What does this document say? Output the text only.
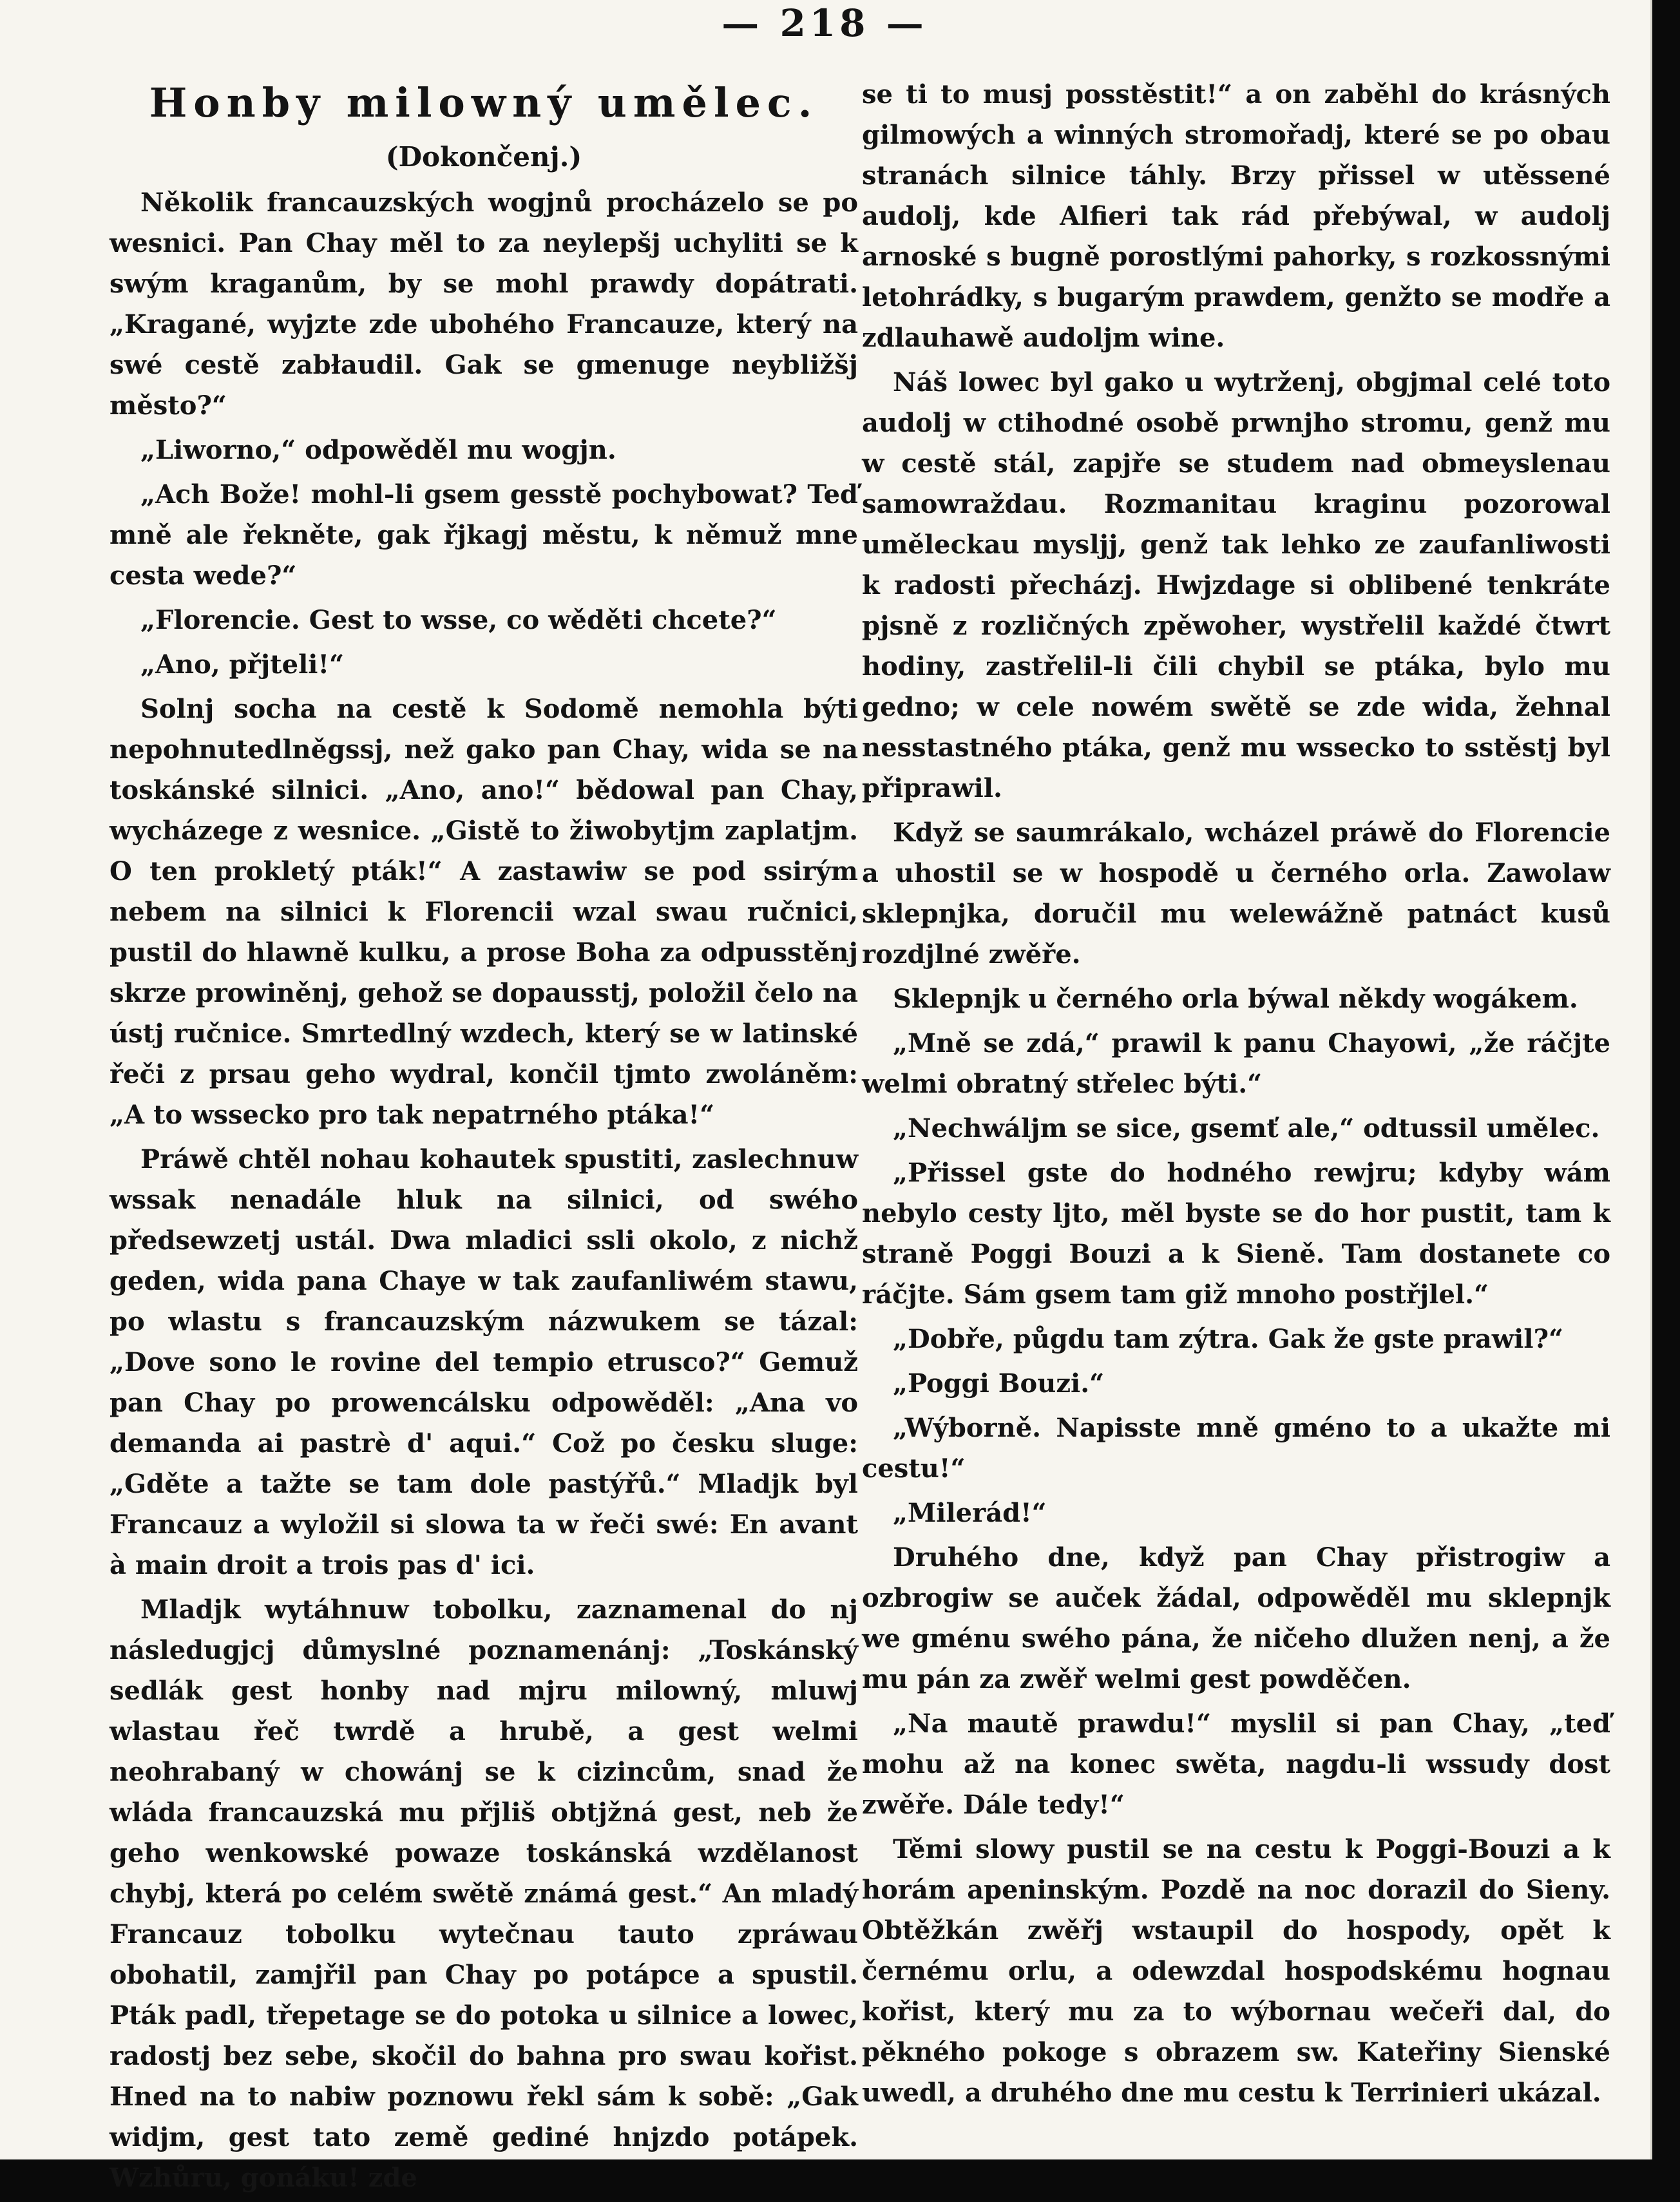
— 218 —
Honby milowný umělec.
(Dokončenj.)

Několik francauzských wogjnů procházelo se po wesnici. Pan Chay měl to za neylepšj uchyliti se k swým kraganům, by se mohl prawdy dopátrati. „Kragané, wyjzte zde ubohého Francauze, který na swé cestě zabłaudil. Gak se gmenuge neybližšj město?“

„Liworno,“ odpowěděl mu wogjn.

„Ach Bože! mohl-li gsem gesstě pochybowat? Teď mně ale řekněte, gak řjkagj městu, k němuž mne cesta wede?“

„Florencie. Gest to wsse, co wěděti chcete?“

„Ano, přjteli!“

Solnj socha na cestě k Sodomě nemohla býti nepohnutedlněgssj, než gako pan Chay, wida se na toskánské silnici. „Ano, ano!“ bědowal pan Chay, wycházege z wesnice. „Gistě to žiwobytjm zaplatjm. O ten prokletý pták!“ A zastawiw se pod ssirým nebem na silnici k Florencii wzal swau ručnici, pustil do hlawně kulku, a prose Boha za odpusstěnj skrze prowiněnj, gehož se dopausstj, položil čelo na ústj ručnice. Smrtedlný wzdech, který se w latinské řeči z prsau geho wydral, končil tjmto zwoláněm: „A to wssecko pro tak nepatrného ptáka!“

Práwě chtěl nohau kohautek spustiti, zaslechnuw wssak nenadále hluk na silnici, od swého předsewzetj ustál. Dwa mladici ssli okolo, z nichž geden, wida pana Chaye w tak zaufanliwém stawu, po wlastu s francauzským názwukem se tázal: „Dove sono le rovine del tempio etrusco?“ Gemuž pan Chay po prowencálsku odpowěděl: „Ana vo demanda ai pastrè d' aqui.“ Což po česku sluge: „Gděte a tažte se tam dole pastýřů.“ Mladjk byl Francauz a wyložil si slowa ta w řeči swé: En avant à main droit a trois pas d' ici.

Mladjk wytáhnuw tobolku, zaznamenal do nj následugjcj důmyslné poznamenánj: „Toskánský sedlák gest honby nad mjru milowný, mluwj wlastau řeč twrdě a hrubě, a gest welmi neohrabaný w chowánj se k cizincům, snad že wláda francauzská mu přjliš obtjžná gest, neb že geho wenkowské powaze toskánská wzdělanost chybj, která po celém swětě známá gest.“ An mladý Francauz tobolku wytečnau tauto zpráwau obohatil, zamjřil pan Chay po potápce a spustil. Pták padl, třepetage se do potoka u silnice a lowec, radostj bez sebe, skočil do bahna pro swau kořist. Hned na to nabiw poznowu řekl sám k sobě: „Gak widjm, gest tato země gediné hnjzdo potápek. Wzhůru, gonáku! zde

se ti to musj posstěstit!“ a on zaběhl do krásných gilmowých a winných stromořadj, které se po obau stranách silnice táhly. Brzy přissel w utěssené audolj, kde Alfieri tak rád přebýwal, w audolj arnoské s bugně porostlými pahorky, s rozkossnými letohrádky, s bugarým prawdem, genžto se modře a zdlauhawě audoljm wine.

Náš lowec byl gako u wytrženj, obgjmal celé toto audolj w ctihodné osobě prwnjho stromu, genž mu w cestě stál, zapjře se studem nad obmeyslenau samowraždau. Rozmanitau kraginu pozorowal uměleckau mysljj, genž tak lehko ze zaufanliwosti k radosti přecházj. Hwjzdage si oblibené tenkráte pjsně z rozličných zpěwoher, wystřelil každé čtwrt hodiny, zastřelil-li čili chybil se ptáka, bylo mu gedno; w cele nowém swětě se zde wida, žehnal nesstastného ptáka, genž mu wssecko to sstěstj byl připrawil.

Když se saumrákalo, wcházel práwě do Florencie a uhostil se w hospodě u černého orla. Zawolaw sklepnjka, doručil mu welewážně patnáct kusů rozdjlné zwěře.

Sklepnjk u černého orla býwal někdy wogákem.

„Mně se zdá,“ prawil k panu Chayowi, „že ráčjte welmi obratný střelec býti.“

„Nechwáljm se sice, gsemť ale,“ odtussil umělec.

„Přissel gste do hodného rewjru; kdyby wám nebylo cesty ljto, měl byste se do hor pustit, tam k straně Poggi Bouzi a k Sieně. Tam dostanete co ráčjte. Sám gsem tam giž mnoho postřjlel.“

„Dobře, půgdu tam zýtra. Gak že gste prawil?“

„Poggi Bouzi.“

„Wýborně. Napisste mně gméno to a ukažte mi cestu!“

„Milerád!“

Druhého dne, když pan Chay přistrogiw a ozbrogiw se auček žádal, odpowěděl mu sklepnjk we gménu swého pána, že ničeho dlužen nenj, a že mu pán za zwěř welmi gest powděčen.

„Na mautě prawdu!“ myslil si pan Chay, „teď mohu až na konec swěta, nagdu-li wssudy dost zwěře. Dále tedy!“

Těmi slowy pustil se na cestu k Poggi-Bouzi a k horám apeninským. Pozdě na noc dorazil do Sieny. Obtěžkán zwěřj wstaupil do hospody, opět k černému orlu, a odewzdal hospodskému hognau kořist, který mu za to wýbornau wečeři dal, do pěkného pokoge s obrazem sw. Kateřiny Sienské uwedl, a druhého dne mu cestu k Terrinieri ukázal.
